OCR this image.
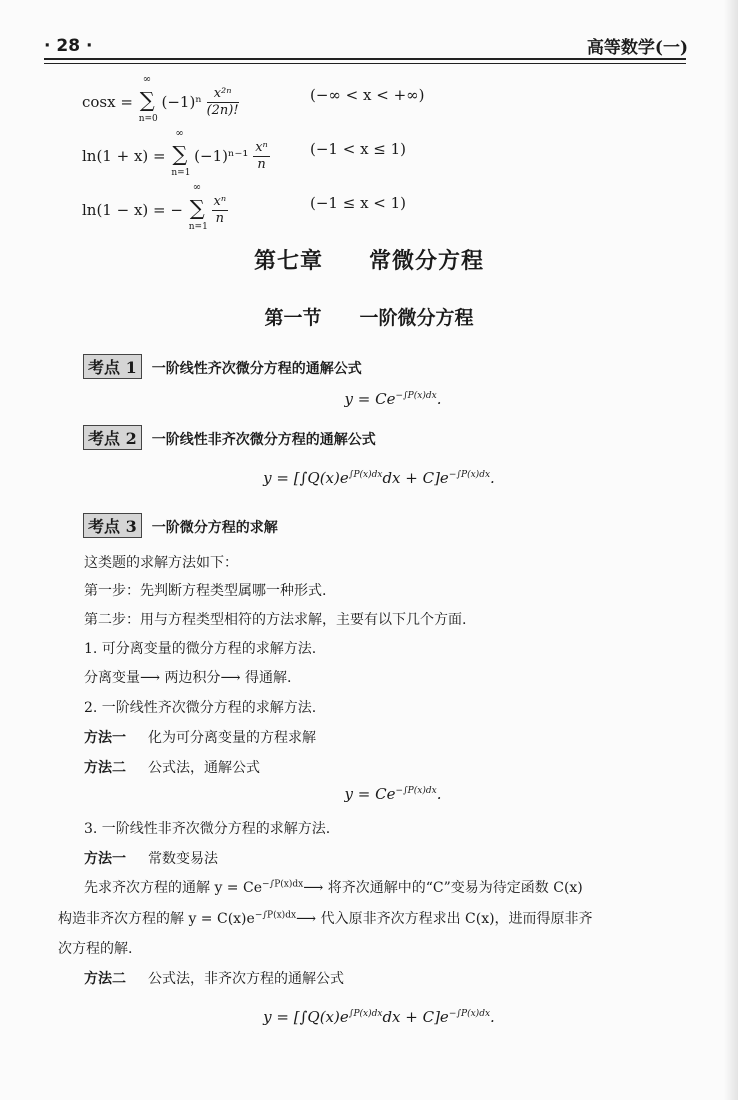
· 28 ·	高等数学(一)
cosx = ∑
∞
n=0
$(-1)^n \frac{\text{x²ⁿ}}{(2n)!}$	(−∞ < x < +∞)
ln(1 + x) = ∑
∞
n=1
$(-1)^{n-1} \frac{\text{xⁿ}}{n}$	(−1 < x ≤ 1)
ln(1 − x) = − ∑
∞
n=1
$\frac{\text{xⁿ}}{n}$	(−1 ≤ x < 1)
第七章　　常微分方程
第一节　　一阶微分方程
考点 1 一阶线性齐次微分方程的通解公式
$y = Ce^{-\int P(x)dx}$.
考点 2 一阶线性非齐次微分方程的通解公式
$y = [\int Q(x)e^{\int P(x)dx}dx + C]e^{-\int P(x)dx}$.
考点 3 一阶微分方程的求解
这类题的求解方法如下：
第一步：先判断方程类型属哪一种形式.
第二步：用与方程类型相符的方法求解，主要有以下几个方面.
1. 可分离变量的微分方程的求解方法.
分离变量⟶ 两边积分⟶ 得通解.
2. 一阶线性齐次微分方程的求解方法.
方法一 化为可分离变量的方程求解
方法二 公式法，通解公式
$y = Ce^{-\int P(x)dx}$.
3. 一阶线性非齐次微分方程的求解方法.
方法一 常数变易法
先求齐次方程的通解 $y = Ce^{-\int P(x)dx}⟶$ 将齐次通解中的“C”变易为待定函数 C(x)
构造非齐次方程的解 $y = C(x)e^{-\int P(x)dx}⟶$ 代入原非齐次方程求出 C(x)，进而得原非齐
次方程的解.
方法二 公式法，非齐次方程的通解公式
$y = [\int Q(x)e^{\int P(x)dx}dx + C]e^{-\int P(x)dx}$.
